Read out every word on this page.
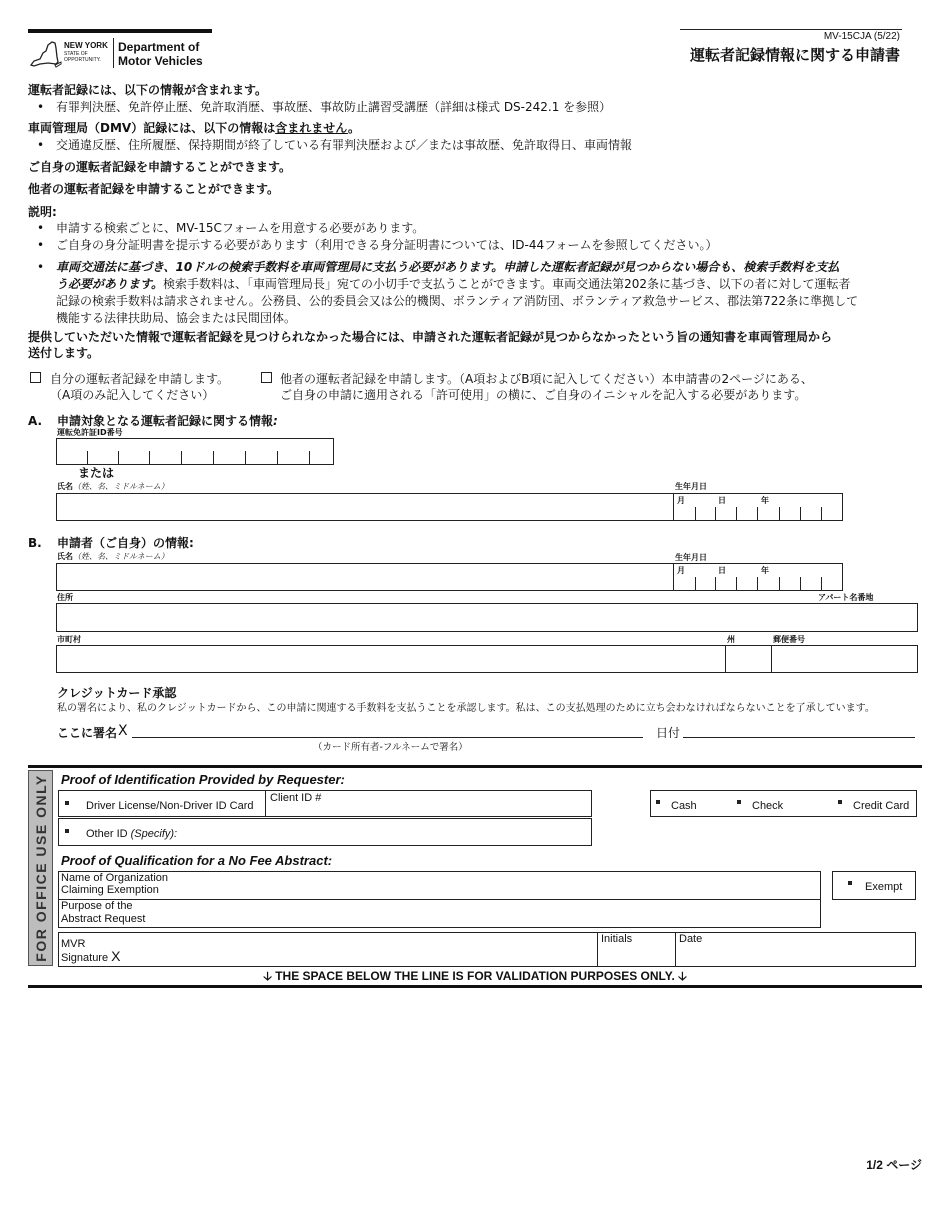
NEW YORK
STATE OF
OPPORTUNITY.
Department of
Motor Vehicles
MV-15CJA (5/22)
運転者記録情報に関する申請書
運転者記録には、以下の情報が含まれます。
• 有罪判決歴、免許停止歴、免許取消歴、事故歴、事故防止講習受講歴（詳細は様式 DS-242.1 を参照）
車両管理局（DMV）記録には、以下の情報は含まれません。
• 交通違反歴、住所履歴、保持期間が終了している有罪判決歴および／または事故歴、免許取得日、車両情報
ご自身の運転者記録を申請することができます。
他者の運転者記録を申請することができます。
説明:
• 申請する検索ごとに、MV-15Cフォームを用意する必要があります。
• ご自身の身分証明書を提示する必要があります（利用できる身分証明書については、ID-44フォームを参照してください。）
• 車両交通法に基づき、10ドルの検索手数料を車両管理局に支払う必要があります。申請した運転者記録が見つからない場合も、検索手数料を支払
う必要があります。検索手数料は、「車両管理局長」宛ての小切手で支払うことができます。車両交通法第202条に基づき、以下の者に対して運転者
記録の検索手数料は請求されません。公務員、公的委員会又は公的機関、ボランティア消防団、ボランティア救急サービス、郡法第722条に準拠して
機能する法律扶助局、協会または民間団体。
提供していただいた情報で運転者記録を見つけられなかった場合には、申請された運転者記録が見つからなかったという旨の通知書を車両管理局から
送付します。
自分の運転者記録を申請します。
（A項のみ記入してください）
他者の運転者記録を申請します。（A項およびB項に記入してください）本申請書の2ページにある、
ご自身の申請に適用される「許可使用」の横に、ご自身のイニシャルを記入する必要があります。
A. 申請対象となる運転者記録に関する情報:
運転免許証ID番号
または
氏名（姓、名、ミドルネーム）	生年月日
月	日	年
B. 申請者（ご自身）の情報:
氏名（姓、名、ミドルネーム）	生年月日
月	日	年
住所	アパート名番地
市町村	州	郵便番号
クレジットカード承認
私の署名により、私のクレジットカードから、この申請に関連する手数料を支払うことを承認します。私は、この支払処理のために立ち会わなければならないことを了承しています。
ここに署名 X	日付
（カード所有者-フルネームで署名）
FOR OFFICE USE ONLY Proof of Identification Provided by Requester:
Driver License/Non-Driver ID Card
Client ID #
Other ID (Specify):
Cash	Check	Credit Card
Proof of Qualification for a No Fee Abstract:
Name of Organization
Claiming Exemption	Exempt
Purpose of the
Abstract Request
MVR
Signature X
Initials	Date
🡣 THE SPACE BELOW THE LINE IS FOR VALIDATION PURPOSES ONLY. 🡣
1/2 ページ
